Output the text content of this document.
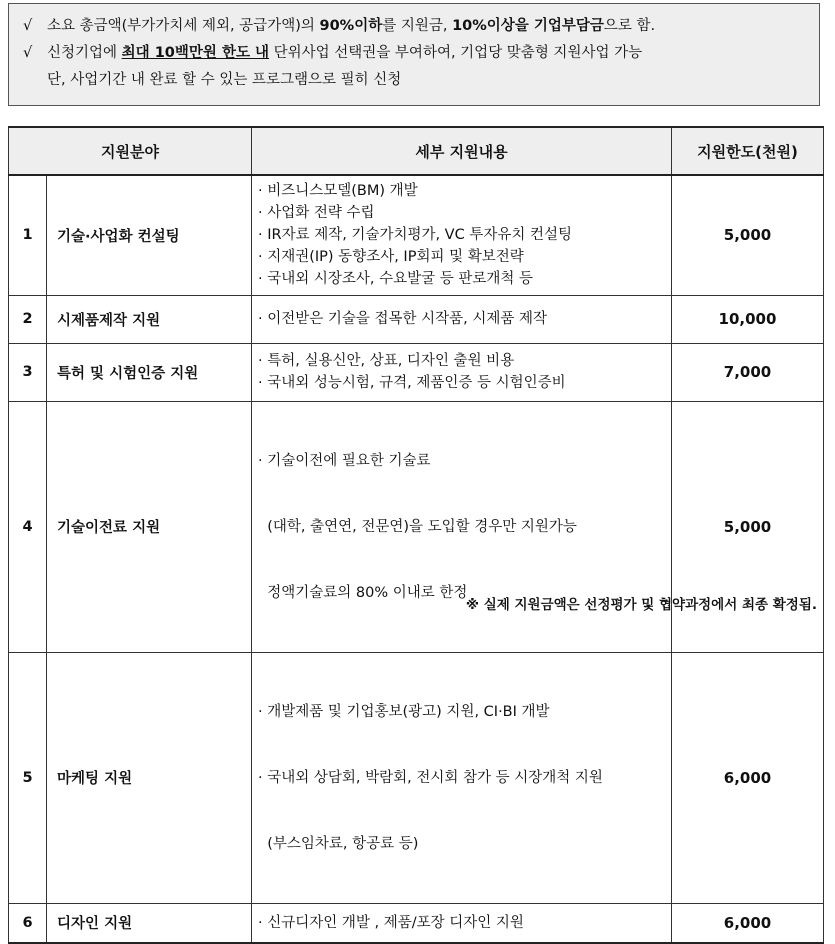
√ 소요 총금액(부가가치세 제외, 공급가액)의 90%이하를 지원금, 10%이상을 기업부담금으로 함.
√ 신청기업에 최대 10백만원 한도 내 단위사업 선택권을 부여하여, 기업당 맞춤형 지원사업 가능
단, 사업기간 내 완료 할 수 있는 프로그램으로 필히 신청
지원분야		세부 지원내용	지원한도(천원)
1	기술·사업화 컨설팅	· 비즈니스모델(BM) 개발
· 사업화 전략 수립
· IR자료 제작, 기술가치평가, VC 투자유치 컨설팅
· 지재권(IP) 동향조사, IP회피 및 확보전략
· 국내외 시장조사, 수요발굴 등 판로개척 등	5,000
2	시제품제작 지원	· 이전받은 기술을 접목한 시작품, 시제품 제작	10,000
3	특허 및 시험인증 지원	· 특허, 실용신안, 상표, 디자인 출원 비용
· 국내외 성능시험, 규격, 제품인증 등 시험인증비	7,000
4	기술이전료 지원	· 기술이전에 필요한 기술료

(대학, 출연연, 전문연)을 도입할 경우만 지원가능

정액기술료의 80% 이내로 한정	5,000
5	마케팅 지원	· 개발제품 및 기업홍보(광고) 지원, CI·BI 개발

· 국내외 상담회, 박람회, 전시회 참가 등 시장개척 지원

(부스임차료, 항공료 등)	6,000
6	디자인 지원	· 신규디자인 개발 , 제품/포장 디자인 지원	6,000
※ 실제 지원금액은 선정평가 및 협약과정에서 최종 확정됨.
